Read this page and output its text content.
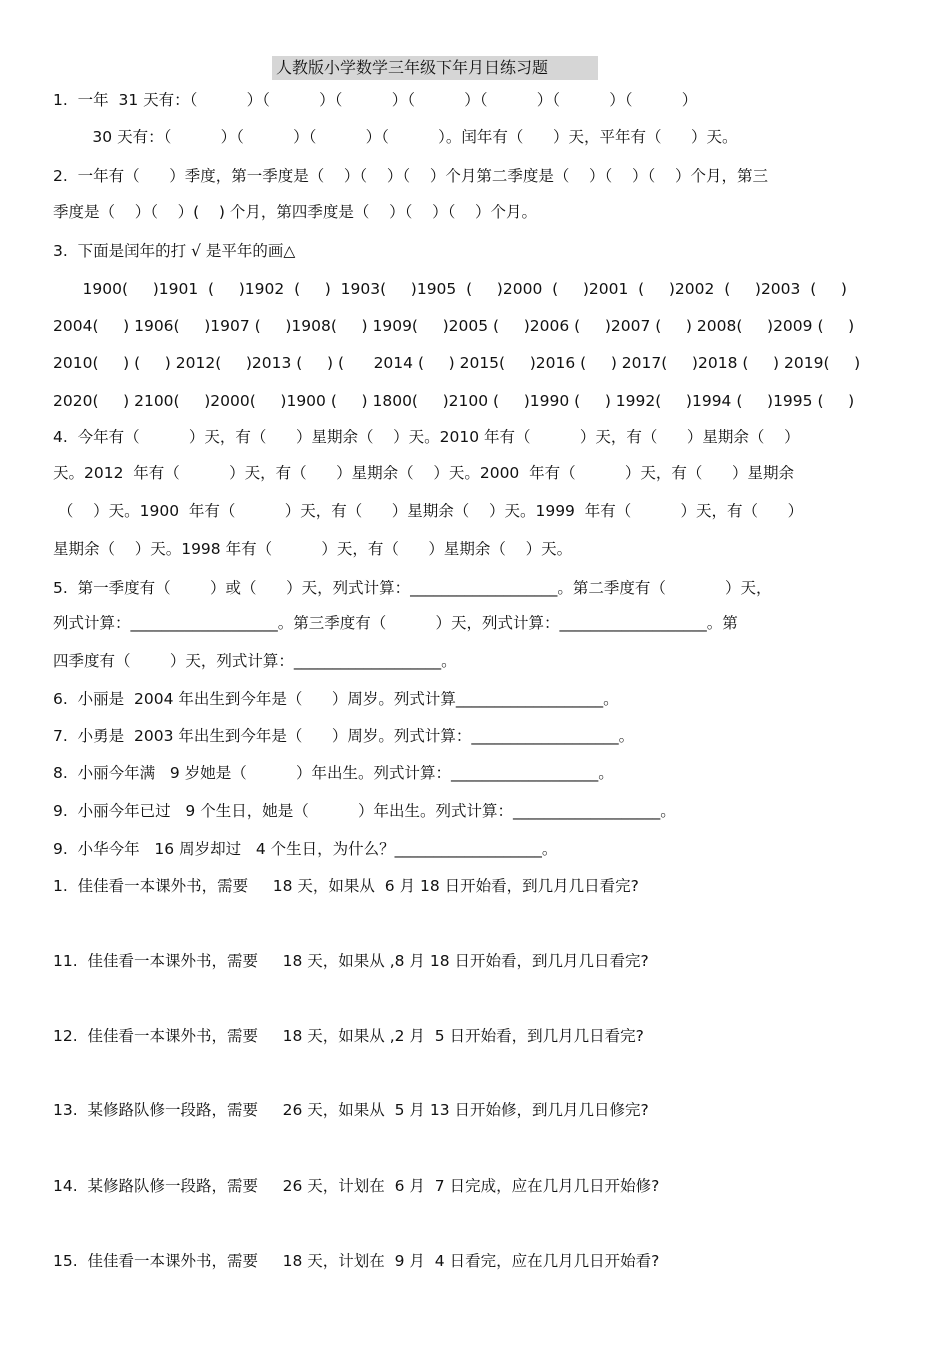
人教版小学数学三年级下年月日练习题
1.  一年  31 天有：（          ）（          ）（          ）（          ）（          ）（          ）（          ）
30 天有：（          ）（          ）（          ）（          ）。闰年有（      ）天，平年有（      ）天。
2.  一年有（      ）季度，第一季度是（    ）（    ）（    ）个月第二季度是（    ）（    ）（    ）个月，第三
季度是（    ）（    ）(    ) 个月，第四季度是（    ）（    ）（    ）个月。
3.  下面是闰年的打 √ 是平年的画△
1900(     )1901  (     )1902  (     )  1903(     )1905  (     )2000  (     )2001  (     )2002  (     )2003  (     )
2004(     ) 1906(     )1907 (     )1908(     ) 1909(     )2005 (     )2006 (     )2007 (     ) 2008(     )2009 (     )
2010(     ) (     ) 2012(     )2013 (     ) (      2014 (     ) 2015(     )2016 (     ) 2017(     )2018 (     ) 2019(     )
2020(     ) 2100(     )2000(     )1900 (     ) 1800(     )2100 (     )1990 (     ) 1992(     )1994 (     )1995 (     )
4.  今年有（          ）天，有（      ）星期余（    ）天。2010 年有（          ）天，有（      ）星期余（    ）
天。2012  年有（          ）天，有（      ）星期余（    ）天。2000  年有（          ）天，有（      ）星期余
（    ）天。1900  年有（          ）天，有（      ）星期余（    ）天。1999  年有（          ）天，有（      ）
星期余（    ）天。1998 年有（          ）天，有（      ）星期余（    ）天。
5.  第一季度有（        ）或（      ）天，列式计算：___________________。第二季度有（            ）天，
列式计算：___________________。第三季度有（          ）天，列式计算：___________________。第
四季度有（        ）天，列式计算：___________________。
6.  小丽是  2004 年出生到今年是（      ）周岁。列式计算___________________。
7.  小勇是  2003 年出生到今年是（      ）周岁。列式计算：___________________。
8.  小丽今年满   9 岁她是（          ）年出生。列式计算：___________________。
9.  小丽今年已过   9 个生日，她是（          ）年出生。列式计算：___________________。
9.  小华今年   16 周岁却过   4 个生日，为什么？___________________。
1.  佳佳看一本课外书，需要     18 天，如果从  6 月 18 日开始看，到几月几日看完?
11.  佳佳看一本课外书，需要     18 天，如果从 ,8 月 18 日开始看，到几月几日看完?
12.  佳佳看一本课外书，需要     18 天，如果从 ,2 月  5 日开始看，到几月几日看完?
13.  某修路队修一段路，需要     26 天，如果从  5 月 13 日开始修，到几月几日修完?
14.  某修路队修一段路，需要     26 天，计划在  6 月  7 日完成，应在几月几日开始修?
15.  佳佳看一本课外书，需要     18 天，计划在  9 月  4 日看完，应在几月几日开始看?
